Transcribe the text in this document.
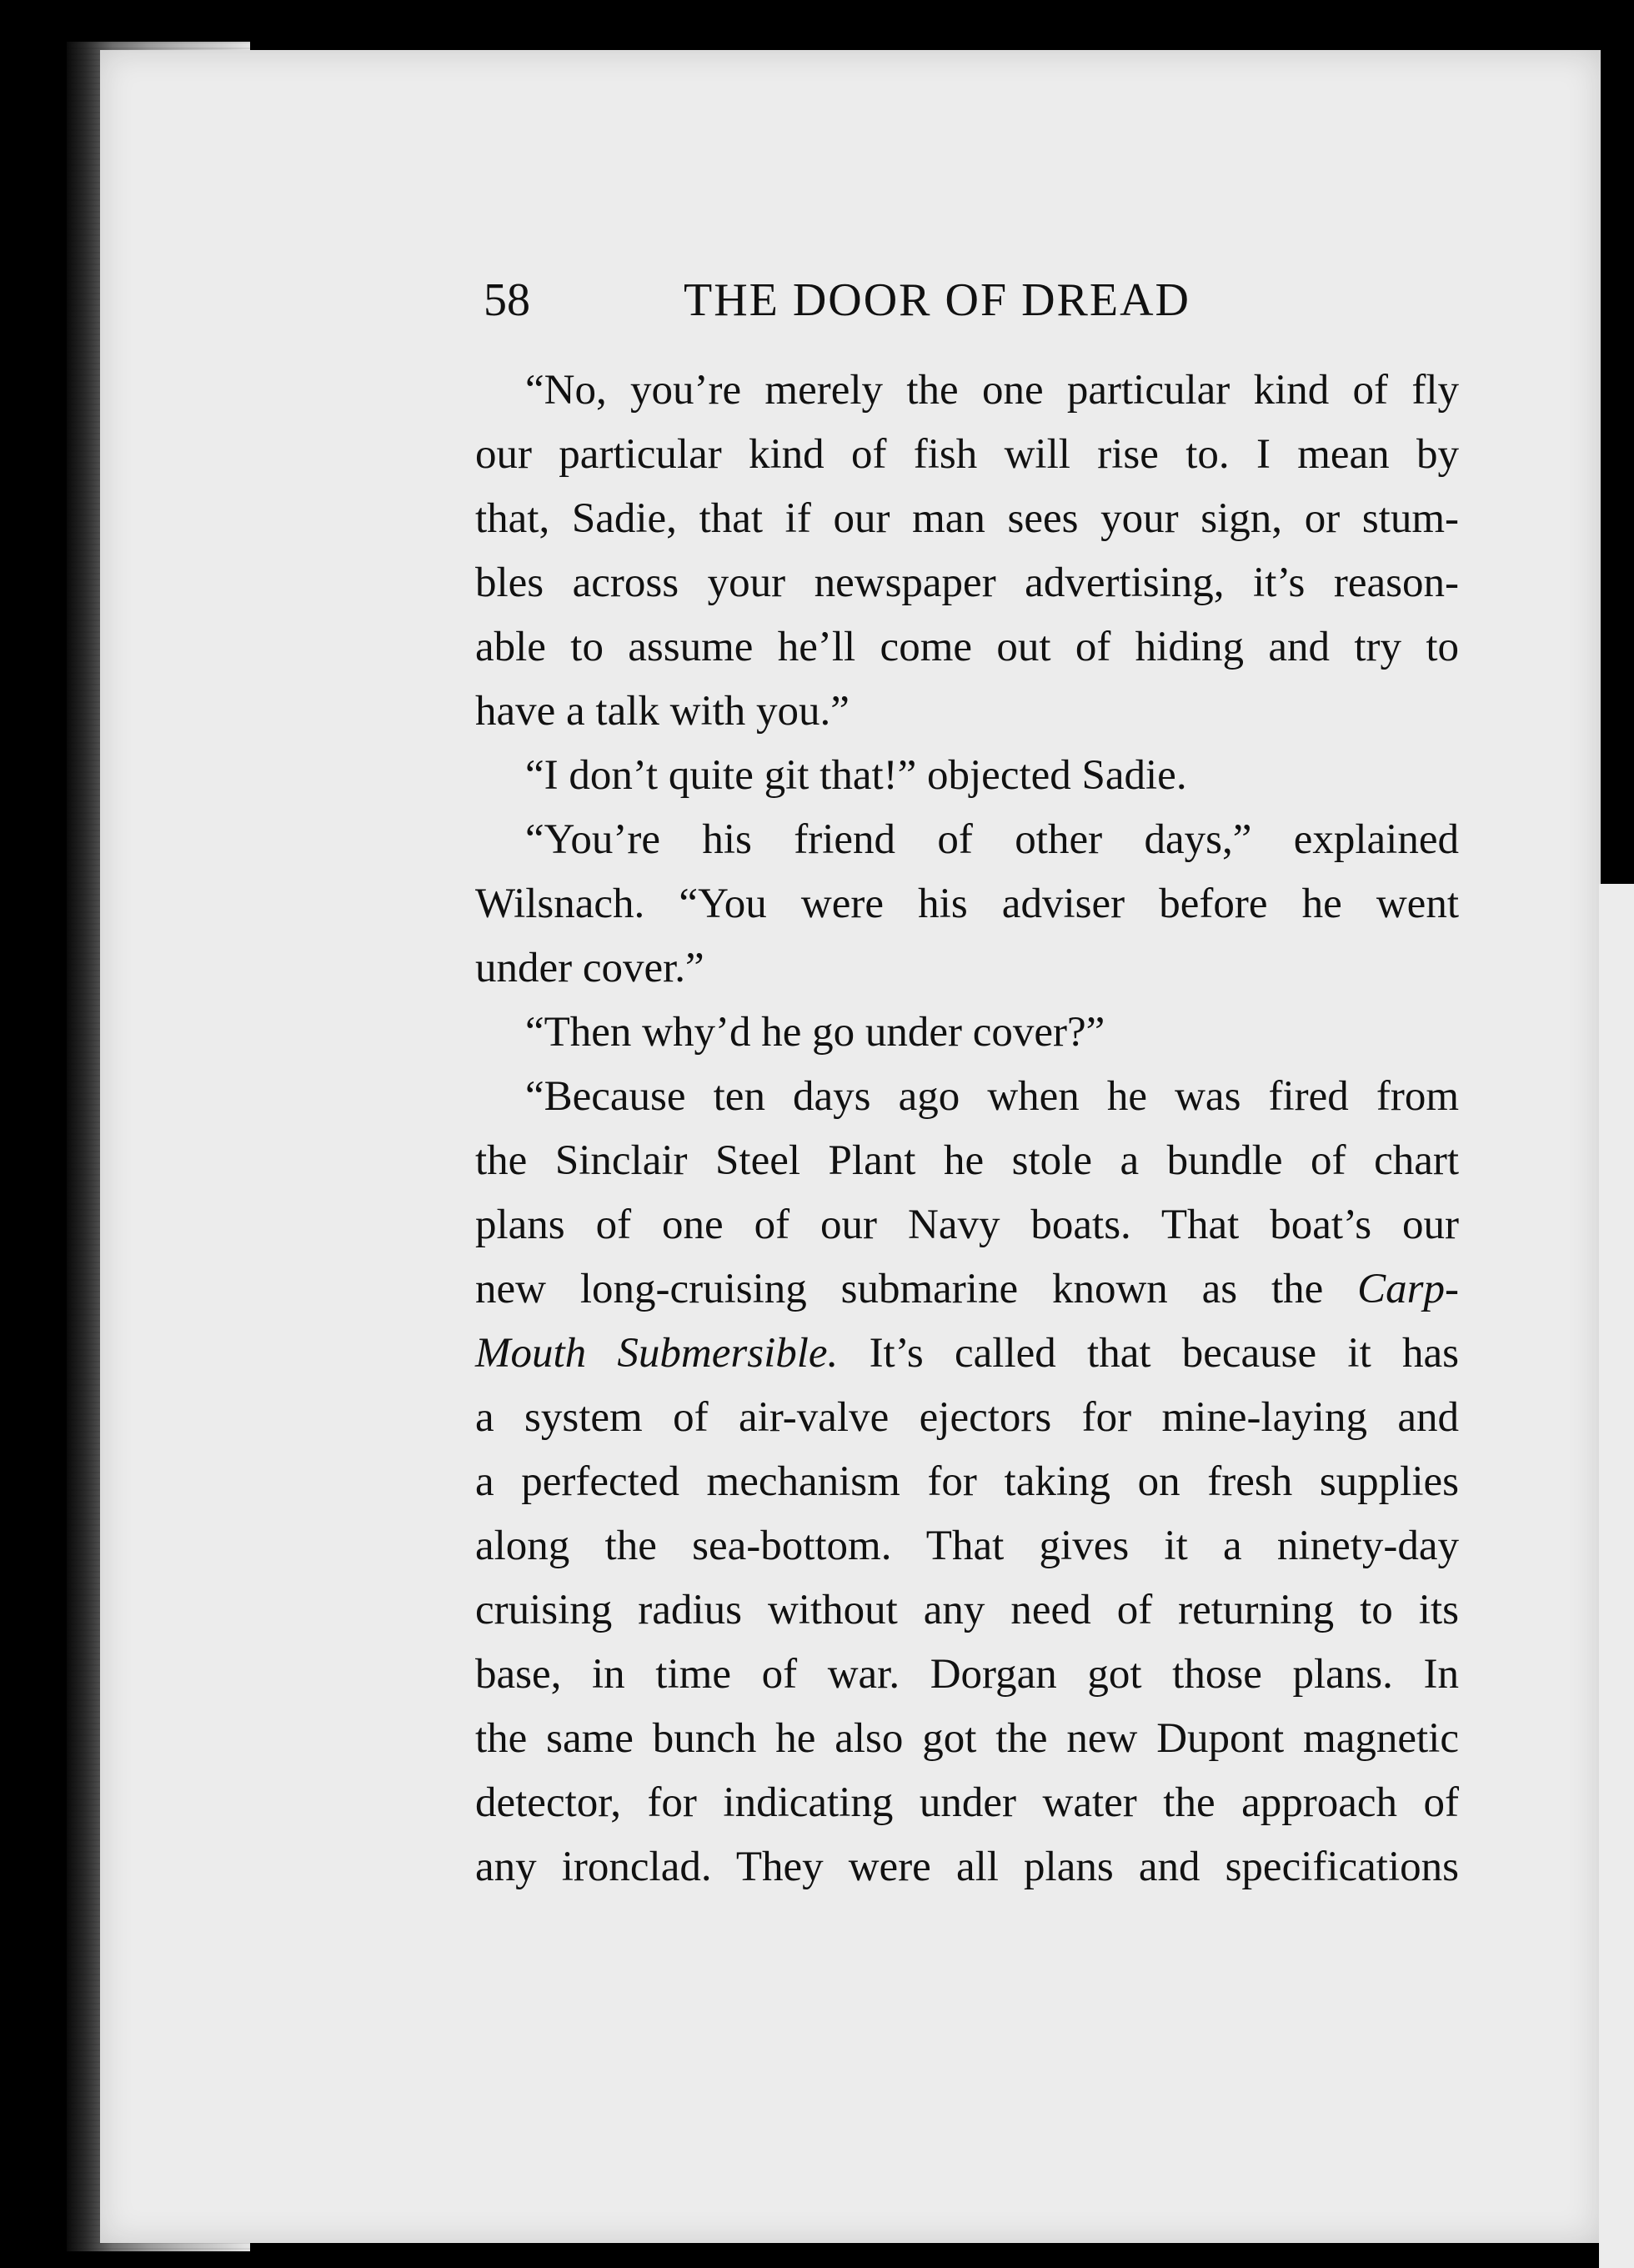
58	THE DOOR OF DREAD
“No, you’re merely the one particular kind of fly
our particular kind of fish will rise to. I mean by
that, Sadie, that if our man sees your sign, or stum-
bles across your newspaper advertising, it’s reason-
able to assume he’ll come out of hiding and try to
have a talk with you.”
“I don’t quite git that!” objected Sadie.
“You’re his friend of other days,” explained
Wilsnach. “You were his adviser before he went
under cover.”
“Then why’d he go under cover?”
“Because ten days ago when he was fired from
the Sinclair Steel Plant he stole a bundle of chart
plans of one of our Navy boats. That boat’s our
new long-cruising submarine known as the Carp-
Mouth Submersible. It’s called that because it has
a system of air-valve ejectors for mine-laying and
a perfected mechanism for taking on fresh supplies
along the sea-bottom. That gives it a ninety-day
cruising radius without any need of returning to its
base, in time of war. Dorgan got those plans. In
the same bunch he also got the new Dupont magnetic
detector, for indicating under water the approach of
any ironclad. They were all plans and specifications
